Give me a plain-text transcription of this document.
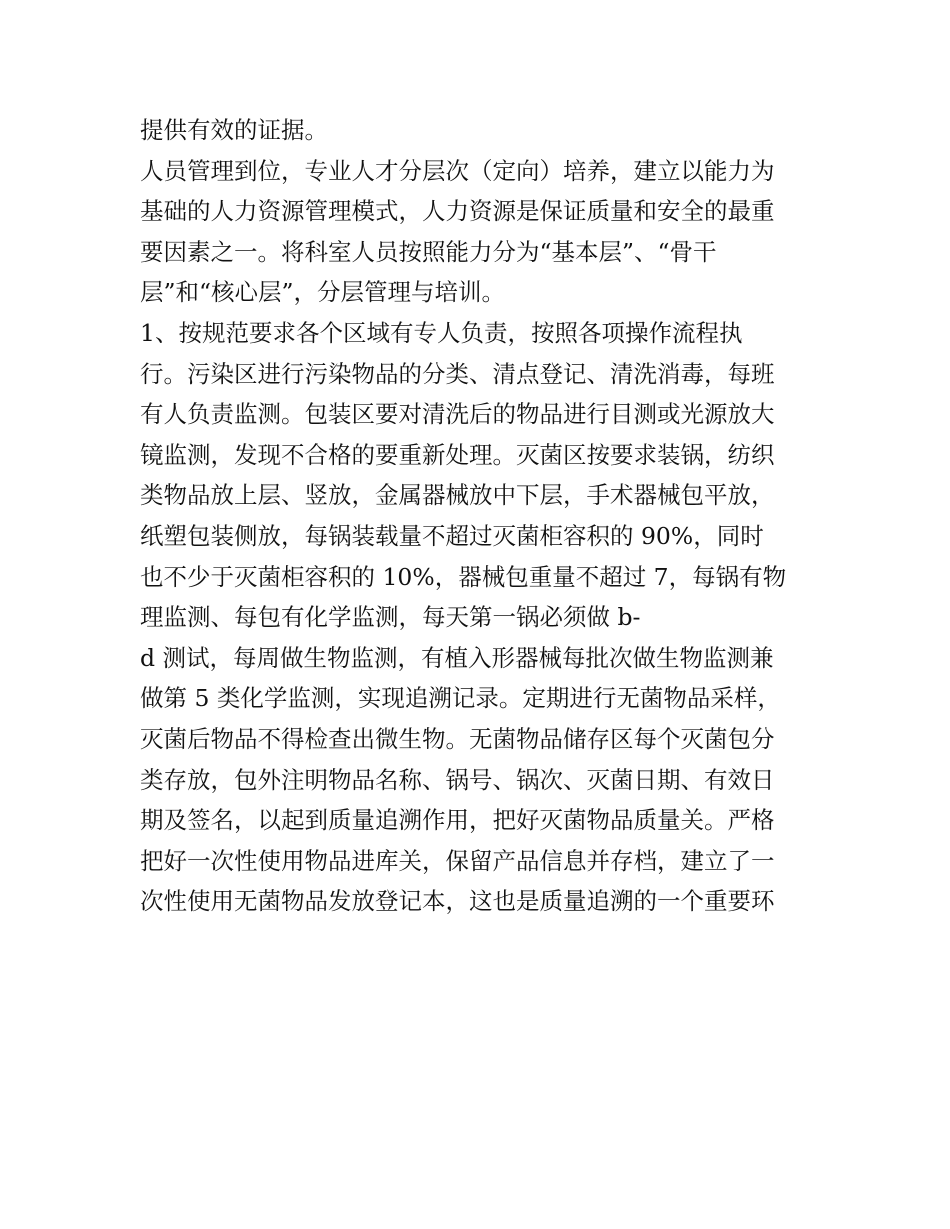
提供有效的证据。
人员管理到位，专业人才分层次（定向）培养，建立以能力为
基础的人力资源管理模式，人力资源是保证质量和安全的最重
要因素之一。将科室人员按照能力分为“基本层”、“骨干
层”和“核心层”，分层管理与培训。
1、按规范要求各个区域有专人负责，按照各项操作流程执
行。污染区进行污染物品的分类、清点登记、清洗消毒，每班
有人负责监测。包装区要对清洗后的物品进行目测或光源放大
镜监测，发现不合格的要重新处理。灭菌区按要求装锅，纺织
类物品放上层、竖放，金属器械放中下层，手术器械包平放，
纸塑包装侧放，每锅装载量不超过灭菌柜容积的 90%，同时
也不少于灭菌柜容积的 10%，器械包重量不超过 7，每锅有物
理监测、每包有化学监测，每天第一锅必须做 b-
d 测试，每周做生物监测，有植入形器械每批次做生物监测兼
做第 5 类化学监测，实现追溯记录。定期进行无菌物品采样，
灭菌后物品不得检查出微生物。无菌物品储存区每个灭菌包分
类存放，包外注明物品名称、锅号、锅次、灭菌日期、有效日
期及签名，以起到质量追溯作用，把好灭菌物品质量关。严格
把好一次性使用物品进库关，保留产品信息并存档，建立了一
次性使用无菌物品发放登记本，这也是质量追溯的一个重要环
